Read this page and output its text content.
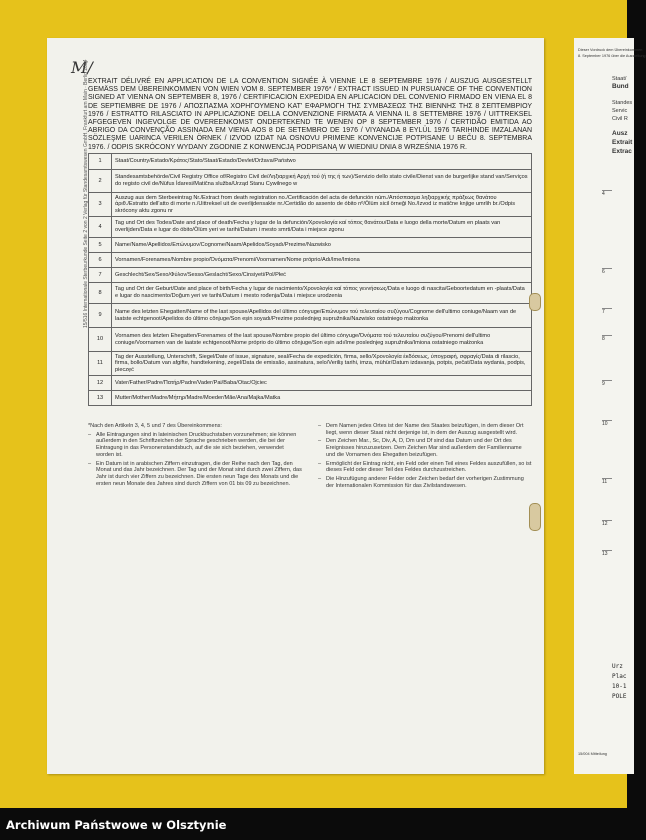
M/
EXTRAIT DÉLIVRÉ EN APPLICATION DE LA CONVENTION SIGNÉE À VIENNE LE 8 SEPTEMBRE 1976 / AUSZUG AUSGESTELLT GEMÄSS DEM ÜBEREINKOMMEN VON WIEN VOM 8. SEPTEMBER 1976* / EXTRACT ISSUED IN PURSUANCE OF THE CONVENTION SIGNED AT VIENNA ON SEPTEMBER 8, 1976 / CERTIFICACION EXPEDIDA EN APLICACION DEL CONVENIO FIRMADO EN VIENA EL 8 DE SEPTIEMBRE DE 1976 / ΑΠΟΣΠΑΣΜΑ ΧΟΡΗΓΟΥΜΕΝΟ ΚΑΤ' ΕΦΑΡΜΟΓΗ ΤΗΣ ΣΥΜΒΑΣΕΩΣ ΤΗΣ ΒΙΕΝΝΗΣ ΤΗΣ 8 ΣΕΠΤΕΜΒΡΙΟΥ 1976 / ESTRATTO RILASCIATO IN APPLICAZIONE DELLA CONVENZIONE FIRMATA A VIENNA IL 8 SETTEMBRE 1976 / UITTREKSEL AFGEGEVEN INGEVOLGE DE OVEREENKOMST ONDERTEKEND TE WENEN OP 8 SEPTEMBER 1976 / CERTIDÃO EMITIDA AO ABRIGO DA CONVENÇÃO ASSINADA EM VIENA AOS 8 DE SETEMBRO DE 1976 / VIYANADA 8 EYLÜL 1976 TARIHINDE IMZALANAN SÖZLEŞME UARINCA VERILEN ÖRNEK / IZVOD IZDAT NA OSNOVU PRIMENE KONVENCIJE POTPISANE U BEČU 8. SEPTEMBRA 1976. / ODPIS SKRÓCONY WYDANY ZGODNIE Z KONWENCJĄ PODPISANĄ W WIEDNIU DNIA 8 WRZEŚNIA 1976 R.
1	Staat/Country/Estado/Κράτος/Stato/Staat/Estado/Devlet/Država/Państwo
2	Standesamtsbehörde/Civil Registry Office of/Registro Civil de/Ληξιαρχική Αρχή τού (ή της ή των)/Servizio dello stato civile/Dienst van de burgerlijke stand van/Serviços do registo civil de/Nüfus İdaresi/Matična služba/Urząd Stanu Cywilnego w
3	Auszug aus dem Sterbeeintrag Nr./Extract from death registration no./Certificación del acta de defunción núm./Απόσπασμα ληξιαρχικής πράξεως θανάτου άριθ./Estratto dell'atto di morte n./Uittreksel uit de overlijdensakte nr./Certidão do assento de óbito nº/Ölüm sicil örneği No./Izvod iz matične knjige umrlih br./Odpis skrócony aktu zgonu nr
4	Tag und Ort des Todes/Date and place of death/Fecha y lugar de la defunción/Χρονολογία καί τόπος θανάτου/Data e luogo della morte/Datum en plaats van overlijden/Data e lugar do óbito/Ölüm yeri ve tarihi/Datum i mesto smrti/Data i miejsce zgonu
5	Name/Name/Apellidos/Επώνυμον/Cognome/Naam/Apelidos/Soyadı/Prezime/Nazwisko
6	Vornamen/Forenames/Nombre propio/Όνόματα/Prenomi/Voornamen/Nome próprio/Adı/Ime/Imiona
7	Geschlecht/Sex/Sexo/Φύλον/Sesso/Geslacht/Sexo/Cinsiyeti/Pol/Płeć
8	Tag und Ort der Geburt/Date and place of birth/Fecha y lugar de nacimiento/Χρονολογία καί τόπος γεννήσεως/Data e luogo di nascita/Geboortedatum en -plaats/Data e lugar do nascimento/Doğum yeri ve tarihi/Datum i mesto rođenja/Data i miejsce urodzenia
9	Name des letzten Ehegatten/Name of the last spouse/Apellidos del último cónyuge/Επώνυμον τού τελευταίου συζύγου/Cognome dell'ultimo coniuge/Naam van de laatste echtgenoot/Apelidos do último cônjuge/Son eşin soyadı/Prezime poslednjeg supružnika/Nazwisko ostatniego małżonka
10	Vornamen des letzten Ehegatten/Forenames of the last spouse/Nombre propio del último cónyuge/Όνόματα τού τελευταίου συζύγου/Prenomi dell'ultimo coniuge/Voornamen van de laatste echtgenoot/Nome próprio do último cônjuge/Son eşin adı/Ime poslednjeg supružnika/Imiona ostatniego małżonka
11	Tag der Ausstellung, Unterschrift, Siegel/Date of issue, signature, seal/Fecha de expedición, firma, sello/Χρονολογία έκδόσεως, ύπογραφή, σφραγίς/Data di rilascio, firma, bollo/Datum van afgifte, handtekening, zegel/Data de emissão, assinatura, selo/Veriliş tarihi, imza, mühür/Datum izdavanja, potpis, pečat/Data wydania, podpis, pieczęć
12	Vater/Father/Padre/Πατήρ/Padre/Vader/Pai/Baba/Otac/Ojciec
13	Mutter/Mother/Madre/Μήτηρ/Madre/Moeder/Mãe/Ana/Majka/Matka
15/516 Internationale Sterbeurkunde Seite 2 von 2 Verlag für Standesamtswesen GmbH, Frankfurt am Main · Berlin 2004

*Nach den Artikeln 3, 4, 5 und 7 des Übereinkommens:

– Alle Eintragungen sind in lateinischen Druckbuchstaben vorzunehmen; sie können außerdem in den Schriftzeichen der Sprache geschrieben werden, die bei der Eintragung in das Personenstandsbuch, auf die sie sich beziehen, verwendet worden ist.

– Ein Datum ist in arabischen Ziffern einzutragen, die der Reihe nach den Tag, den Monat und das Jahr bezeichnen. Der Tag und der Monat sind durch zwei Ziffern, das Jahr ist durch vier Ziffern zu bezeichnen. Die ersten neun Tage des Monats und die ersten neun Monate des Jahres sind durch Ziffern von 01 bis 09 zu bezeichnen.

– Dem Namen jedes Ortes ist der Name des Staates beizufügen, in dem dieser Ort liegt, wenn dieser Staat nicht derjenige ist, in dem der Auszug ausgestellt wird.

– Den Zeichen Mar., Sc, Div, A, D, Dm und Df sind das Datum und der Ort des Ereignisses hinzuzusetzen. Dem Zeichen Mar sind außerdem der Familienname und die Vornamen des Ehegatten beizufügen.

– Ermöglicht der Eintrag nicht, ein Feld oder einen Teil eines Feldes auszufüllen, so ist dieses Feld oder dieser Teil des Feldes durchzustreichen.

– Die Hinzufügung anderer Felder oder Zeichen bedarf der vorherigen Zustimmung der Internationalen Kommission für das Zivilstandswesen.

Dieser Vordruck dem Übereinkommen
8. September 1976 über die Ausstellung
Staat/
Bund
Standes
Servic
Civil R
Ausz
Extrait
Extrac
4
6
7
8
9
10
11
12
13
Urz
Plac
10-1
POLE
15/004 Mitteilung
Archiwum Państwowe w Olsztynie
